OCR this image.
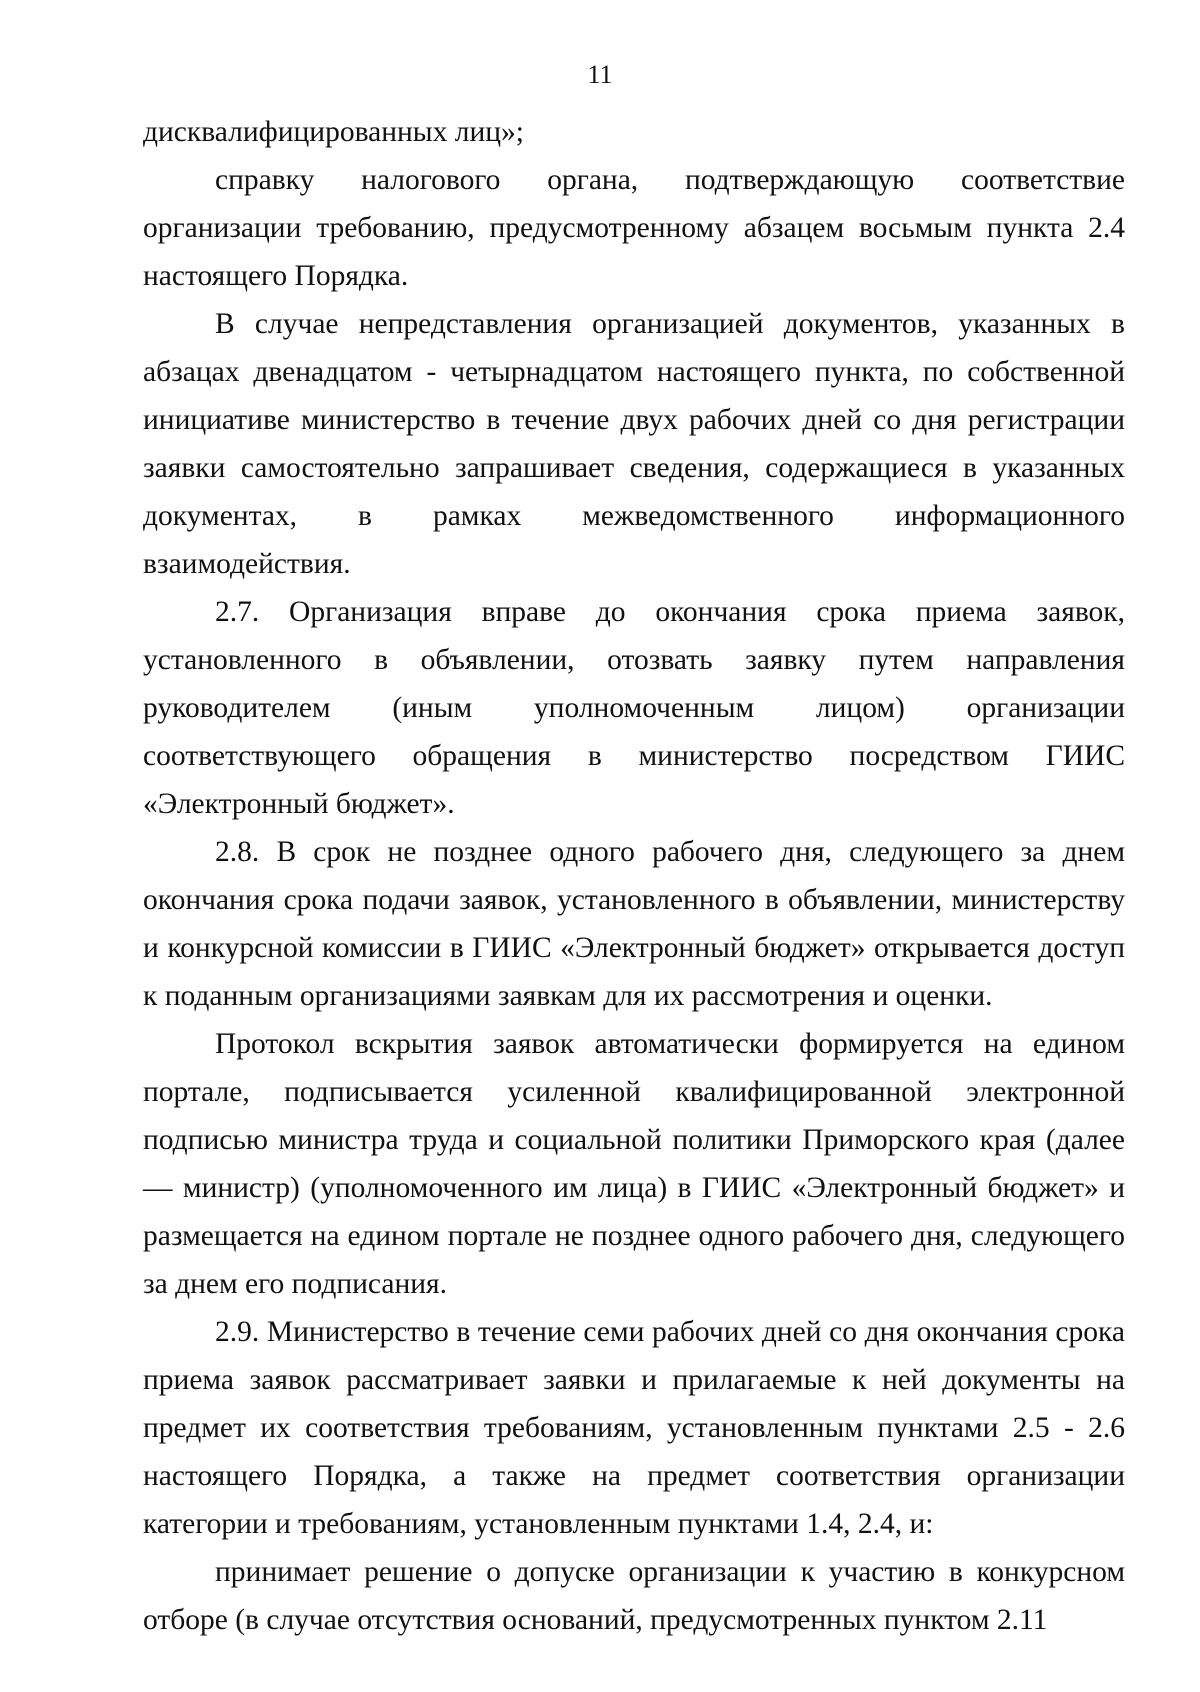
11

дисквалифицированных лиц»;

справку налогового органа, подтверждающую соответствие организации требованию, предусмотренному абзацем восьмым пункта 2.4 настоящего Порядка.

В случае непредставления организацией документов, указанных в абзацах двенадцатом - четырнадцатом настоящего пункта, по собственной инициативе министерство в течение двух рабочих дней со дня регистрации заявки самостоятельно запрашивает сведения, содержащиеся в указанных документах, в рамках межведомственного информационного взаимодействия.

2.7. Организация вправе до окончания срока приема заявок, установленного в объявлении, отозвать заявку путем направления руководителем (иным уполномоченным лицом) организации соответствующего обращения в министерство посредством ГИИС «Электронный бюджет».

2.8. В срок не позднее одного рабочего дня, следующего за днем окончания срока подачи заявок, установленного в объявлении, министерству и конкурсной комиссии в ГИИС «Электронный бюджет» открывается доступ к поданным организациями заявкам для их рассмотрения и оценки.

Протокол вскрытия заявок автоматически формируется на едином портале, подписывается усиленной квалифицированной электронной подписью министра труда и социальной политики Приморского края (далее — министр) (уполномоченного им лица) в ГИИС «Электронный бюджет» и размещается на едином портале не позднее одного рабочего дня, следующего за днем его подписания.

2.9. Министерство в течение семи рабочих дней со дня окончания срока приема заявок рассматривает заявки и прилагаемые к ней документы на предмет их соответствия требованиям, установленным пунктами 2.5 - 2.6 настоящего Порядка, а также на предмет соответствия организации категории и требованиям, установленным пунктами 1.4, 2.4, и:

принимает решение о допуске организации к участию в конкурсном отборе (в случае отсутствия оснований, предусмотренных пунктом 2.11
